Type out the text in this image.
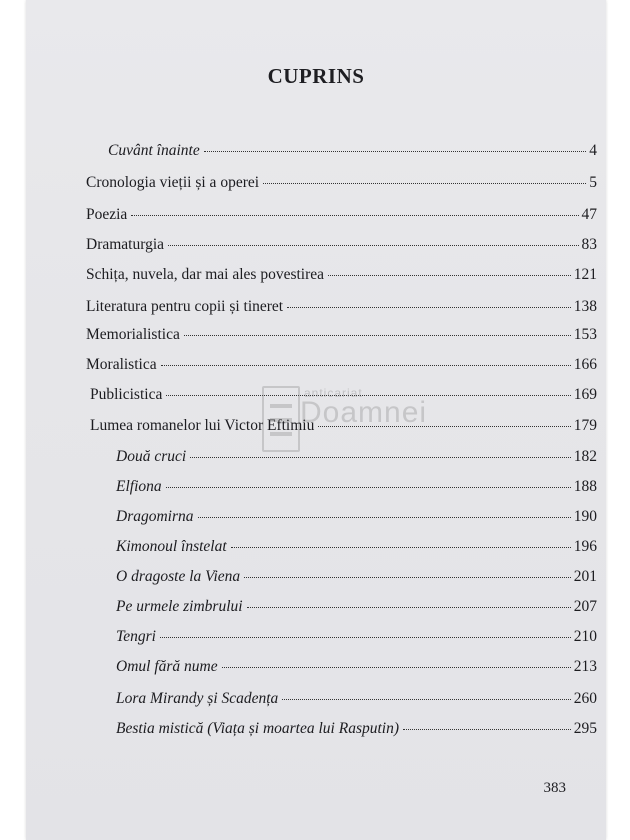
CUPRINS
Cuvânt înainte	4
Cronologia vieții și a operei	5
Poezia	47
Dramaturgia	83
Schița, nuvela, dar mai ales povestirea	121
Literatura pentru copii și tineret	138
Memorialistica	153
Moralistica	166
Publicistica	169
Lumea romanelor lui Victor Eftimiu	179
Două cruci	182
Elfiona	188
Dragomirna	190
Kimonoul înstelat	196
O dragoste la Viena	201
Pe urmele zimbrului	207
Tengri	210
Omul fără nume	213
Lora Mirandy și Scadența	260
Bestia mistică (Viața și moartea lui Rasputin)	295
anticariat
Doamnei
383
